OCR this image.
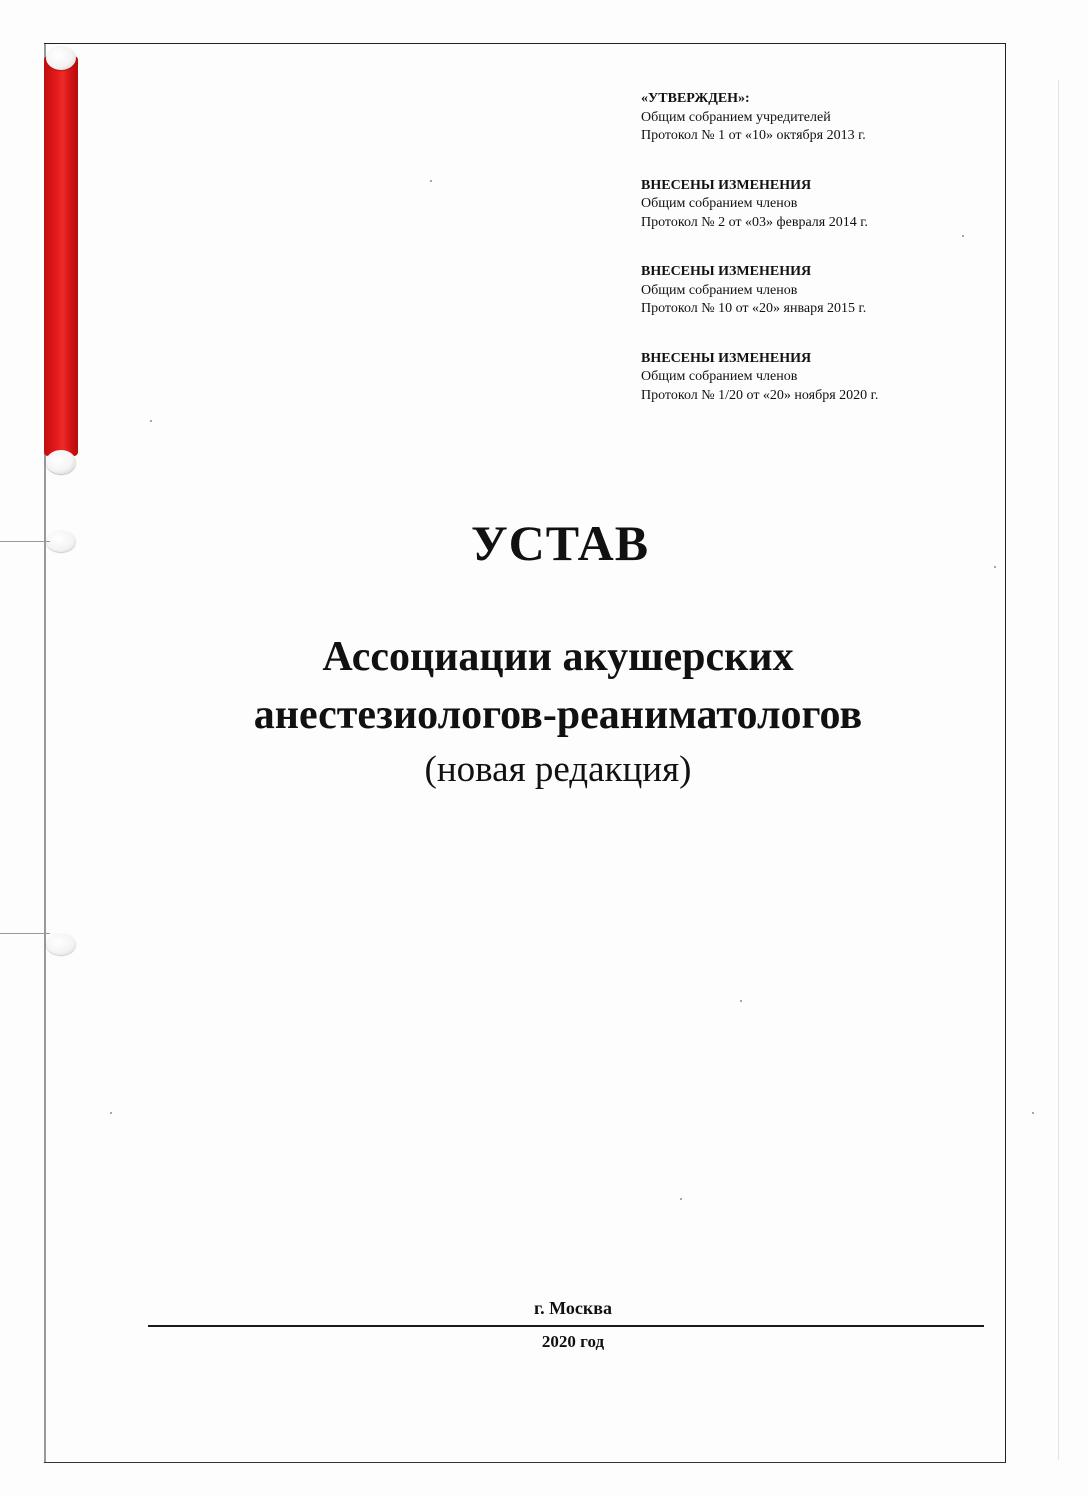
«УТВЕРЖДЕН»:
Общим собранием учредителей
Протокол № 1 от «10» октября 2013 г.
ВНЕСЕНЫ ИЗМЕНЕНИЯ
Общим собранием членов
Протокол № 2 от «03» февраля 2014 г.
ВНЕСЕНЫ ИЗМЕНЕНИЯ
Общим собранием членов
Протокол № 10 от «20» января 2015 г.
ВНЕСЕНЫ ИЗМЕНЕНИЯ
Общим собранием членов
Протокол № 1/20 от «20» ноября 2020 г.
УСТАВ
Ассоциации акушерских
анестезиологов-реаниматологов
(новая редакция)
г. Москва
2020 год
